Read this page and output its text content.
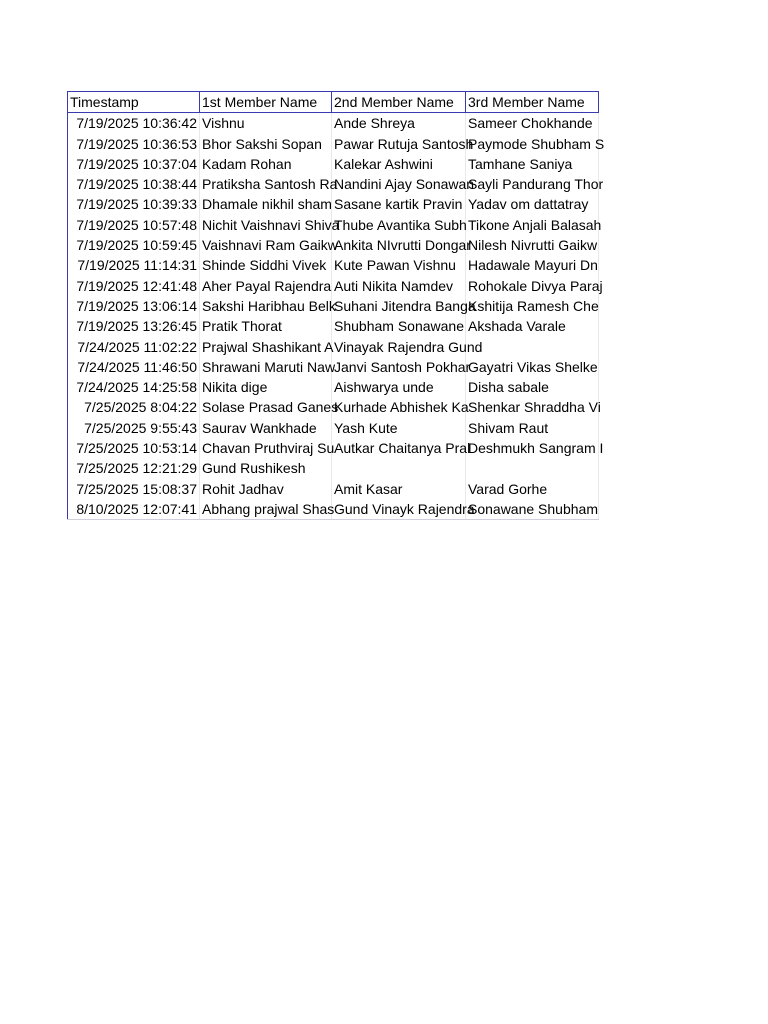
Timestamp	1st Member Name	2nd Member Name	3rd Member Name
7/19/2025 10:36:42	Vishnu	Ande Shreya	Sameer Chokhande
7/19/2025 10:36:53	Bhor Sakshi Sopan	Pawar Rutuja Santosh	Paymode Shubham S
7/19/2025 10:37:04	Kadam Rohan	Kalekar Ashwini	Tamhane Saniya
7/19/2025 10:38:44	Pratiksha Santosh Ra	Nandini Ajay Sonawan	Sayli Pandurang Thor
7/19/2025 10:39:33	Dhamale nikhil sham	Sasane kartik Pravin	Yadav om dattatray
7/19/2025 10:57:48	Nichit Vaishnavi Shiva	Thube Avantika Subh	Tikone Anjali Balasah
7/19/2025 10:59:45	Vaishnavi Ram Gaikw	Ankita NIvrutti Dongar	Nilesh Nivrutti Gaikw
7/19/2025 11:14:31	Shinde Siddhi Vivek	Kute Pawan Vishnu	Hadawale Mayuri Dn
7/19/2025 12:41:48	Aher Payal Rajendra	Auti Nikita Namdev	Rohokale Divya Paraj
7/19/2025 13:06:14	Sakshi Haribhau Belk	Suhani Jitendra Banga	Kshitija Ramesh Che
7/19/2025 13:26:45	Pratik Thorat	Shubham Sonawane	Akshada Varale
7/24/2025 11:02:22	Prajwal Shashikant A	Vinayak Rajendra Gund	
7/24/2025 11:46:50	Shrawani Maruti Naw	Janvi Santosh Pokhar	Gayatri Vikas Shelke
7/24/2025 14:25:58	Nikita dige	Aishwarya unde	Disha sabale
7/25/2025 8:04:22	Solase Prasad Ganes	Kurhade Abhishek Ka	Shenkar Shraddha Vi
7/25/2025 9:55:43	Saurav Wankhade	Yash Kute	Shivam Raut
7/25/2025 10:53:14	Chavan Pruthviraj Su	Autkar Chaitanya Pral	Deshmukh Sangram I
7/25/2025 12:21:29	Gund Rushikesh		
7/25/2025 15:08:37	Rohit Jadhav	Amit Kasar	Varad Gorhe
8/10/2025 12:07:41	Abhang prajwal Shas	Gund Vinayk Rajendra	Sonawane Shubham
